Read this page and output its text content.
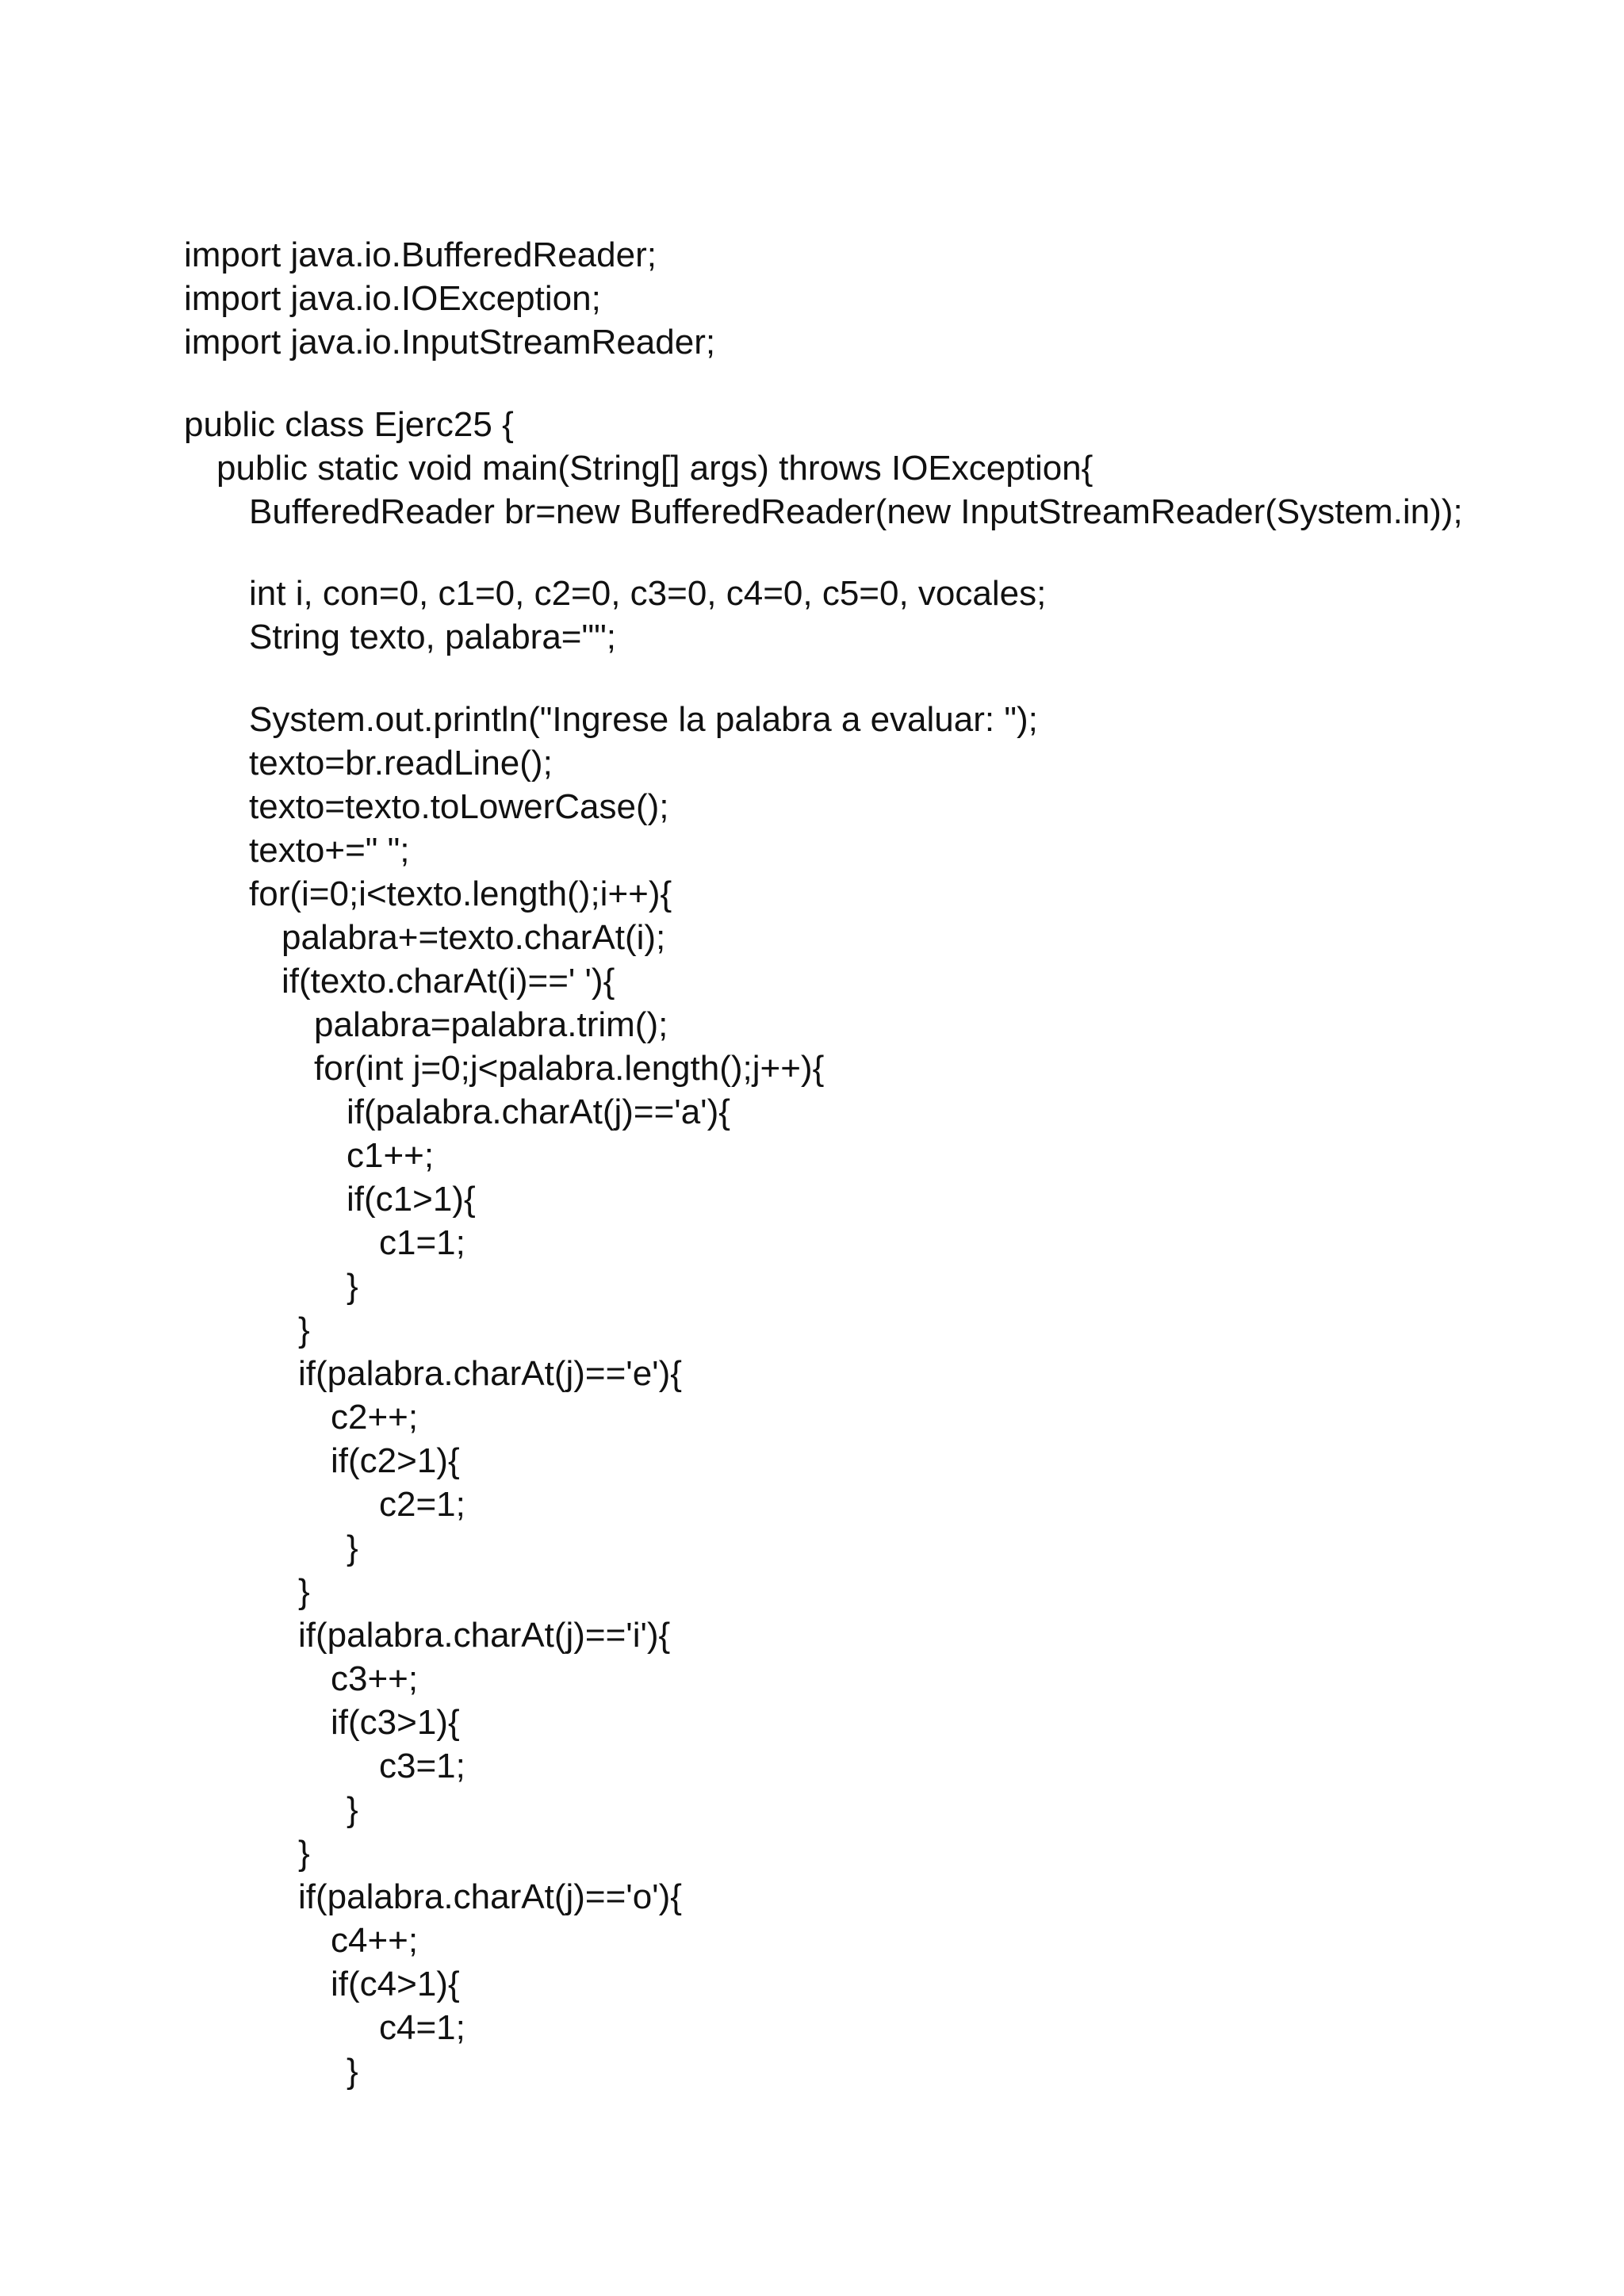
import java.io.BufferedReader;
import java.io.IOException;
import java.io.InputStreamReader;
public class Ejerc25 {
public static void main(String[] args) throws IOException{
BufferedReader br=new BufferedReader(new InputStreamReader(System.in));
int i, con=0, c1=0, c2=0, c3=0, c4=0, c5=0, vocales;
String texto, palabra="";
System.out.println("Ingrese la palabra a evaluar: ");
texto=br.readLine();
texto=texto.toLowerCase();
texto+=" ";
for(i=0;i<texto.length();i++){
palabra+=texto.charAt(i);
if(texto.charAt(i)==' '){
palabra=palabra.trim();
for(int j=0;j<palabra.length();j++){
if(palabra.charAt(j)=='a'){
c1++;
if(c1>1){
c1=1;
}
}
if(palabra.charAt(j)=='e'){
c2++;
if(c2>1){
c2=1;
}
}
if(palabra.charAt(j)=='i'){
c3++;
if(c3>1){
c3=1;
}
}
if(palabra.charAt(j)=='o'){
c4++;
if(c4>1){
c4=1;
}
